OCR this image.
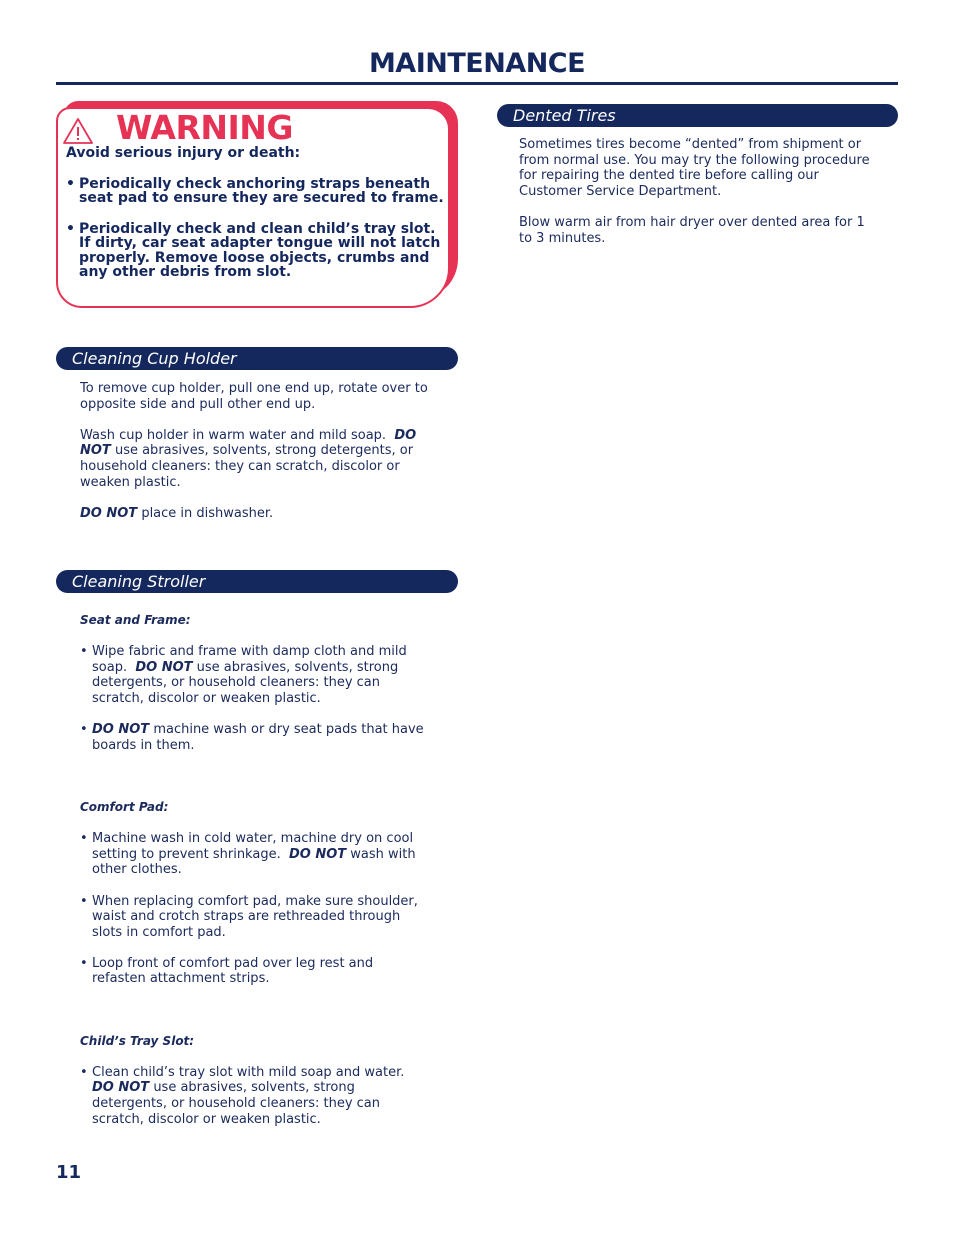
MAINTENANCE
WARNING

Avoid serious injury or death:

• Periodically check anchoring straps beneath seat pad to ensure they are secured to frame.
• Periodically check and clean child’s tray slot. If dirty, car seat adapter tongue will not latch properly. Remove loose objects, crumbs and any other debris from slot.
Dented Tires

Sometimes tires become “dented” from shipment or from normal use. You may try the following procedure for repairing the dented tire before calling our Customer Service Department.

Blow warm air from hair dryer over dented area for 1 to 3 minutes.

Cleaning Cup Holder

To remove cup holder, pull one end up, rotate over to opposite side and pull other end up.

Wash cup holder in warm water and mild soap. DO NOT use abrasives, solvents, strong detergents, or household cleaners: they can scratch, discolor or weaken plastic.

DO NOT place in dishwasher.

Cleaning Stroller
Seat and Frame:
• Wipe fabric and frame with damp cloth and mild soap. DO NOT use abrasives, solvents, strong detergents, or household cleaners: they can scratch, discolor or weaken plastic.
• DO NOT machine wash or dry seat pads that have boards in them.
Comfort Pad:
• Machine wash in cold water, machine dry on cool setting to prevent shrinkage. DO NOT wash with other clothes.
• When replacing comfort pad, make sure shoulder, waist and crotch straps are rethreaded through slots in comfort pad.
• Loop front of comfort pad over leg rest and refasten attachment strips.
Child’s Tray Slot:
• Clean child’s tray slot with mild soap and water.
DO NOT use abrasives, solvents, strong detergents, or household cleaners: they can scratch, discolor or weaken plastic.
11
